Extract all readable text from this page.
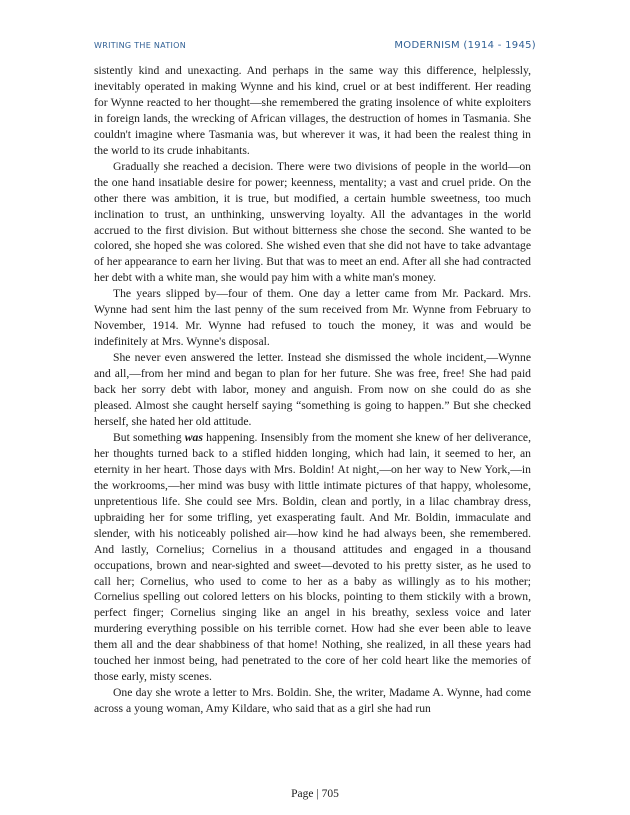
WRITING THE NATION	MODERNISM (1914 - 1945)

sistently kind and unexacting. And perhaps in the same way this difference, helplessly, inevitably operated in making Wynne and his kind, cruel or at best indifferent. Her reading for Wynne reacted to her thought—she remembered the grating insolence of white exploiters in foreign lands, the wrecking of African villages, the destruction of homes in Tasmania. She couldn't imagine where Tasmania was, but wherever it was, it had been the realest thing in the world to its crude inhabitants.

Gradually she reached a decision. There were two divisions of people in the world—on the one hand insatiable desire for power; keenness, mentality; a vast and cruel pride. On the other there was ambition, it is true, but modified, a certain humble sweetness, too much inclination to trust, an unthinking, unswerving loyalty. All the advantages in the world accrued to the first division. But without bitterness she chose the second. She wanted to be colored, she hoped she was colored. She wished even that she did not have to take advantage of her appearance to earn her living. But that was to meet an end. After all she had contracted her debt with a white man, she would pay him with a white man's money.

The years slipped by—four of them. One day a letter came from Mr. Packard. Mrs. Wynne had sent him the last penny of the sum received from Mr. Wynne from February to November, 1914. Mr. Wynne had refused to touch the money, it was and would be indefinitely at Mrs. Wynne's disposal.

She never even answered the letter. Instead she dismissed the whole incident,—Wynne and all,—from her mind and began to plan for her future. She was free, free! She had paid back her sorry debt with labor, money and anguish. From now on she could do as she pleased. Almost she caught herself saying “something is going to happen.” But she checked herself, she hated her old attitude.

But something was happening. Insensibly from the moment she knew of her deliverance, her thoughts turned back to a stifled hidden longing, which had lain, it seemed to her, an eternity in her heart. Those days with Mrs. Boldin! At night,—on her way to New York,—in the workrooms,—her mind was busy with little intimate pictures of that happy, wholesome, unpretentious life. She could see Mrs. Boldin, clean and portly, in a lilac chambray dress, upbraiding her for some trifling, yet exasperating fault. And Mr. Boldin, immaculate and slender, with his noticeably polished air—how kind he had always been, she remembered. And lastly, Cornelius; Cornelius in a thousand attitudes and engaged in a thousand occupations, brown and near-sighted and sweet—devoted to his pretty sister, as he used to call her; Cornelius, who used to come to her as a baby as willingly as to his mother; Cornelius spelling out colored letters on his blocks, pointing to them stickily with a brown, perfect finger; Cornelius singing like an angel in his breathy, sexless voice and later murdering everything possible on his terrible cornet. How had she ever been able to leave them all and the dear shabbiness of that home! Nothing, she realized, in all these years had touched her inmost being, had penetrated to the core of her cold heart like the memories of those early, misty scenes.

One day she wrote a letter to Mrs. Boldin. She, the writer, Madame A. Wynne, had come across a young woman, Amy Kildare, who said that as a girl she had run

Page | 705
